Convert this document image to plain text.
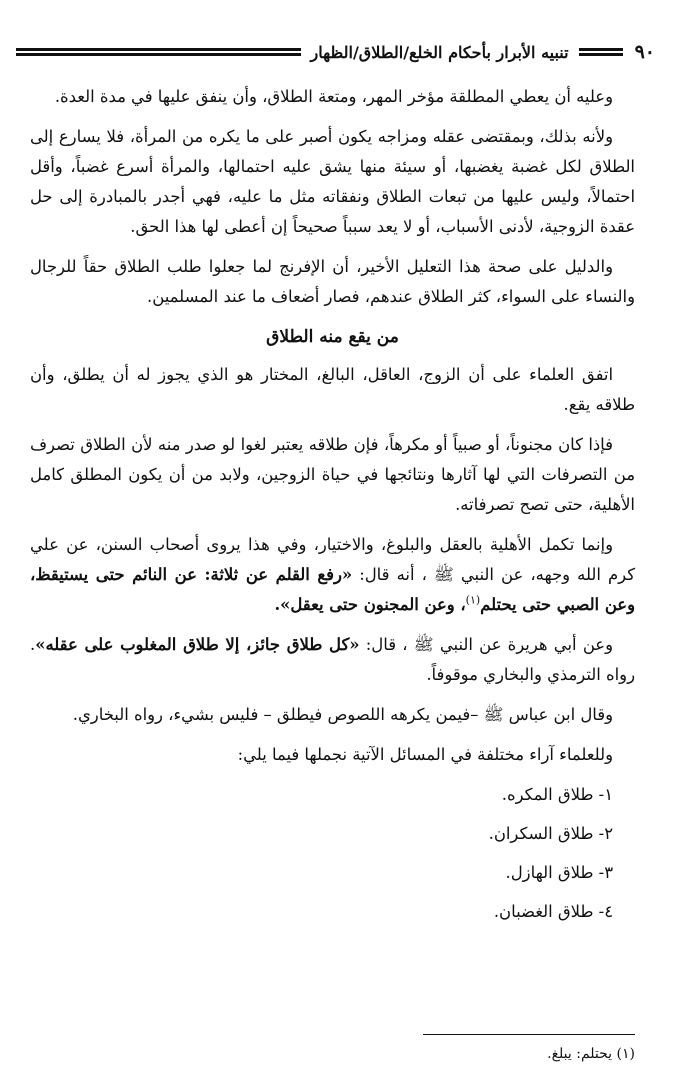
٩٠
تنبيه الأبرار بأحكام الخلع/الطلاق/الظهار

وعليه أن يعطي المطلقة مؤخر المهر، ومتعة الطلاق، وأن ينفق عليها في مدة العدة.

ولأنه بذلك، وبمقتضى عقله ومزاجه يكون أصبر على ما يكره من المرأة، فلا يسارع إلى الطلاق لكل غضبة يغضبها، أو سيئة منها يشق عليه احتمالها، والمرأة أسرع غضباً، وأقل احتمالاً، وليس عليها من تبعات الطلاق ونفقاته مثل ما عليه، فهي أجدر بالمبادرة إلى حل عقدة الزوجية، لأدنى الأسباب، أو لا يعد سبباً صحيحاً إن أعطى لها هذا الحق.

والدليل على صحة هذا التعليل الأخير، أن الإفرنج لما جعلوا طلب الطلاق حقاً للرجال والنساء على السواء، كثر الطلاق عندهم، فصار أضعاف ما عند المسلمين.

من يقع منه الطلاق

اتفق العلماء على أن الزوج، العاقل، البالغ، المختار هو الذي يجوز له أن يطلق، وأن طلاقه يقع.

فإذا كان مجنوناً، أو صبياً أو مكرهاً، فإن طلاقه يعتبر لغوا لو صدر منه لأن الطلاق تصرف من التصرفات التي لها آثارها ونتائجها في حياة الزوجين، ولابد من أن يكون المطلق كامل الأهلية، حتى تصح تصرفاته.

وإنما تكمل الأهلية بالعقل والبلوغ، والاختيار، وفي هذا يروى أصحاب السنن، عن علي كرم الله وجهه، عن النبي ﷺ ، أنه قال: «رفع القلم عن ثلاثة: عن النائم حتى يستيقظ، وعن الصبي حتى يحتلم$^{(١)}$، وعن المجنون حتى يعقل».

وعن أبي هريرة عن النبي ﷺ ، قال: «كل طلاق جائز، إلا طلاق المغلوب على عقله». رواه الترمذي والبخاري موقوفاً.

وقال ابن عباس ﷺ –فيمن يكرهه اللصوص فيطلق – فليس بشيء، رواه البخاري.

وللعلماء آراء مختلفة في المسائل الآتية نجملها فيما يلي:

١- طلاق المكره.
٢- طلاق السكران.
٣- طلاق الهازل.
٤- طلاق الغضبان.
(١) يحتلم: يبلغ.
